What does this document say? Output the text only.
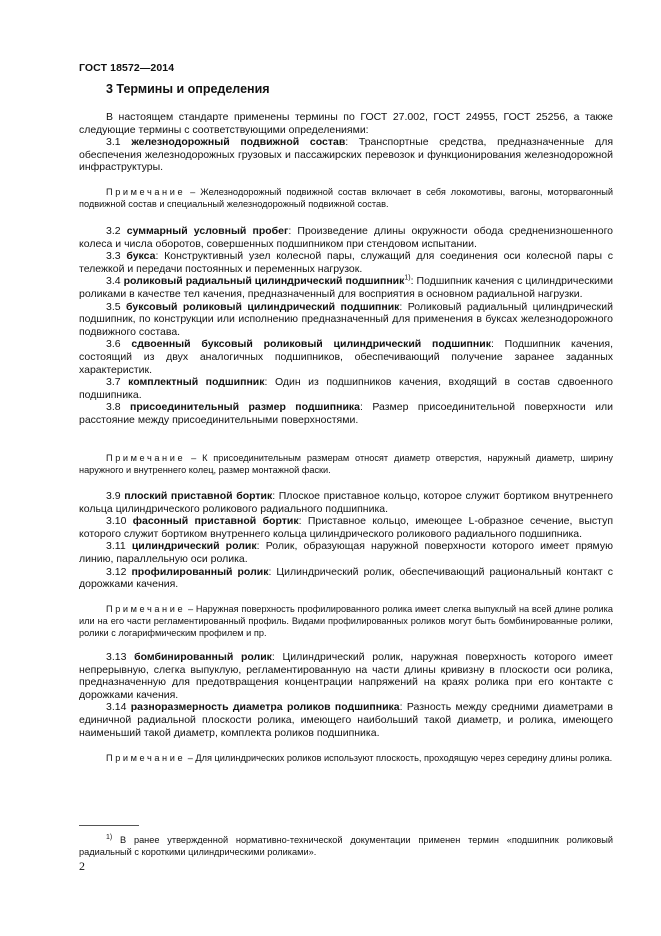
ГОСТ 18572—2014
3 Термины и определения

В настоящем стандарте применены термины по ГОСТ 27.002, ГОСТ 24955, ГОСТ 25256, а также следующие термины с соответствующими определениями:

3.1 железнодорожный подвижной состав: Транспортные средства, предназначенные для обеспечения железнодорожных грузовых и пассажирских перевозок и функционирования железнодорожной инфраструктуры.

Примечание – Железнодорожный подвижной состав включает в себя локомотивы, вагоны, моторвагонный подвижной состав и специальный железнодорожный подвижной состав.

3.2 суммарный условный пробег: Произведение длины окружности обода средненизношенного колеса и числа оборотов, совершенных подшипником при стендовом испытании.

3.3 букса: Конструктивный узел колесной пары, служащий для соединения оси колесной пары с тележкой и передачи постоянных и переменных нагрузок.

3.4 роликовый радиальный цилиндрический подшипник$^{1)}$: Подшипник качения с цилиндрическими роликами в качестве тел качения, предназначенный для восприятия в основном радиальной нагрузки.

3.5 буксовый роликовый цилиндрический подшипник: Роликовый радиальный цилиндрический подшипник, по конструкции или исполнению предназначенный для применения в буксах железнодорожного подвижного состава.

3.6 сдвоенный буксовый роликовый цилиндрический подшипник: Подшипник качения, состоящий из двух аналогичных подшипников, обеспечивающий получение заранее заданных характеристик.

3.7 комплектный подшипник: Один из подшипников качения, входящий в состав сдвоенного подшипника.

3.8 присоединительный размер подшипника: Размер присоединительной поверхности или расстояние между присоединительными поверхностями.

Примечание – К присоединительным размерам относят диаметр отверстия, наружный диаметр, ширину наружного и внутреннего колец, размер монтажной фаски.

3.9 плоский приставной бортик: Плоское приставное кольцо, которое служит бортиком внутреннего кольца цилиндрического роликового радиального подшипника.

3.10 фасонный приставной бортик: Приставное кольцо, имеющее L-образное сечение, выступ которого служит бортиком внутреннего кольца цилиндрического роликового радиального подшипника.

3.11 цилиндрический ролик: Ролик, образующая наружной поверхности которого имеет прямую линию, параллельную оси ролика.

3.12 профилированный ролик: Цилиндрический ролик, обеспечивающий рациональный контакт с дорожками качения.

Примечание – Наружная поверхность профилированного ролика имеет слегка выпуклый на всей длине ролика или на его части регламентированный профиль. Видами профилированных роликов могут быть бомбинированные ролики, ролики с логарифмическим профилем и пр.

3.13 бомбинированный ролик: Цилиндрический ролик, наружная поверхность которого имеет непрерывную, слегка выпуклую, регламентированную на части длины кривизну в плоскости оси ролика, предназначенную для предотвращения концентрации напряжений на краях ролика при его контакте с дорожками качения.

3.14 разноразмерность диаметра роликов подшипника: Разность между средними диаметрами в единичной радиальной плоскости ролика, имеющего наибольший такой диаметр, и ролика, имеющего наименьший такой диаметр, комплекта роликов подшипника.

Примечание – Для цилиндрических роликов используют плоскость, проходящую через середину длины ролика.

$^{1)}$ В ранее утвержденной нормативно-технической документации применен термин «подшипник роликовый радиальный с короткими цилиндрическими роликами».

2
